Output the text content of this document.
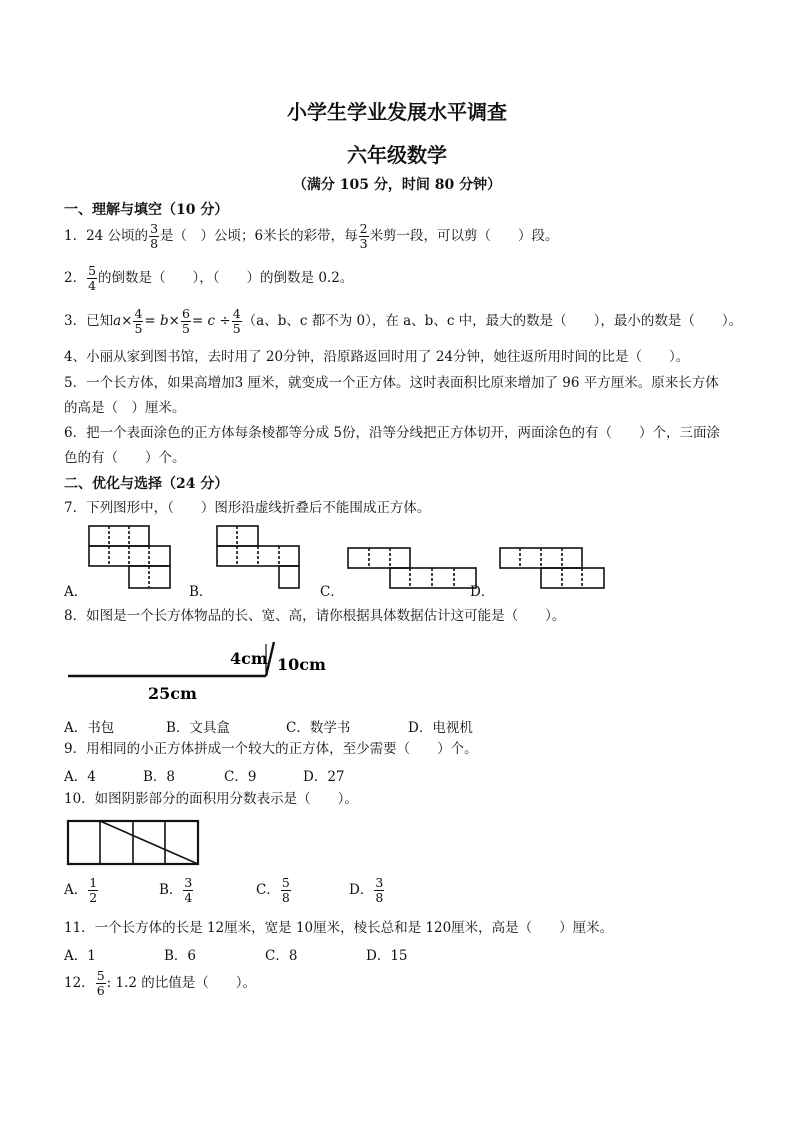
小学生学业发展水平调查
六年级数学
（满分 105 分，时间 80 分钟）
一、理解与填空（10 分）
1．24 公顷的 $\frac{3}{8}$ 是（　）公顷；6米长的彩带，每 $\frac{2}{3}$ 米剪一段，可以剪（　　）段。
2． $\frac{5}{4}$ 的倒数是（　　），（　　）的倒数是 0.2。
3．已知$a\times \frac{4}{5} = b\times \frac{6}{5} = c \div \frac{4}{5} (a$、b、c 都不为 0），在 a、b、c 中，最大的数是（　　），最小的数是（　　）。
4、小丽从家到图书馆，去时用了 20分钟，沿原路返回时用了 24分钟，她往返所用时间的比是（　　）。
5．一个长方体，如果高增加3 厘米，就变成一个正方体。这时表面积比原来增加了 96 平方厘米。原来长方体
的高是（　）厘米。
6．把一个表面涂色的正方体每条棱都等分成 5份，沿等分线把正方体切开，两面涂色的有（　　）个，三面涂
色的有（　　）个。
二、优化与选择（24 分）
7．下列图形中，（　　）图形沿虚线折叠后不能围成正方体。
A．	B．	C．	D．
8．如图是一个长方体物品的长、宽、高，请你根据具体数据估计这可能是（　　）。
4cm 10cm
25cm
A．书包	B．文具盒	C．数学书	D．电视机
9．用相同的小正方体拼成一个较大的正方体，至少需要（　　）个。
A．4	B．8	C．9	D．27
10．如图阴影部分的面积用分数表示是（　　）。
A． $\frac{1}{2}$	B． $\frac{3}{4}$	C． $\frac{5}{8}$	D． $\frac{3}{8}$
11．一个长方体的长是 12厘米，宽是 10厘米，棱长总和是 120厘米，高是（　　）厘米。
A．1	B．6	C．8	D．15
12． $\frac{5}{6}$ : 1.2 的比值是（　　）。
